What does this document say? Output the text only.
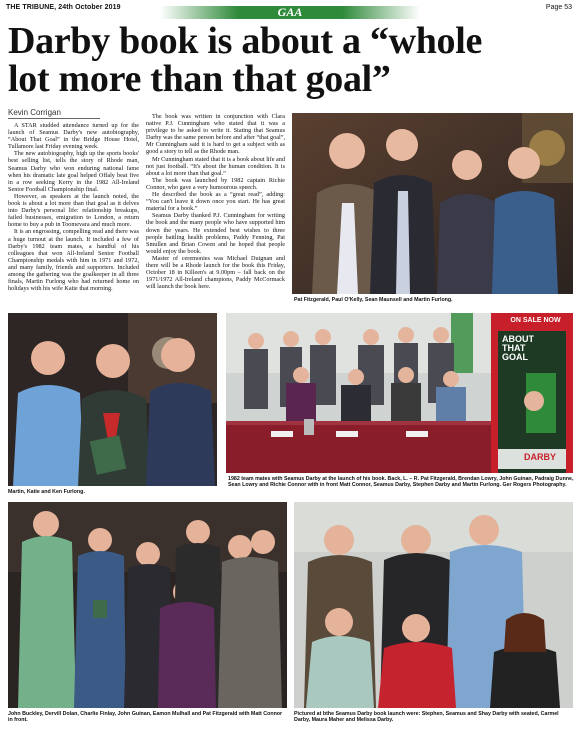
THE TRIBUNE, 24th October 2019	GAA	Page 53
Darby book is about a “whole
lot more than that goal”
Kevin Corrigan

A STAR studded attendance turned up for the launch of Seamus Darby's new autobiography, “About That Goal” in the Bridge House Hotel, Tullamore last Friday evening week.

The new autobiography, high up the sports books' best selling list, tells the story of Rhode man, Seamus Darby who won enduring national fame when his dramatic late goal helped Offaly beat five in a row seeking Kerry in the 1982 All-Ireland Senior Football Championship final.

However, as speakers at the launch noted, the book is about a lot more than that goal as it delves into Darby's personal life: relationship breakups, failed businesses, emigration to London, a return home to buy a pub in Toomevara and much more.

It is an engrossing, compelling read and there was a huge turnout at the launch. It included a few of Darby's 1982 team mates, a handful of his colleagues that won All-Ireland Senior Football Championship medals with him in 1971 and 1972, and many family, friends and supporters. Included among the gathering was the goalkeeper in all three finals, Martin Furlong who had returned home on holidays with his wife Katie that morning.

The book was written in conjunction with Clara native P.J. Cunningham who stated that it was a privilege to be asked to write it. Stating that Seamus Darby was the same person before and after “that goal”, Mr Cunningham said it is hard to get a subject with as good a story to tell as the Rhode man.

Mr Cunningham stated that it is a book about life and not just football. “It's about the human condition. It is about a lot more than that goal.”

The book was launched by 1982 captain Richie Connor, who gave a very humourous speech.

He described the book as a “great read”, adding: “You can't leave it down once you start. He has great material for a book.”

Seamus Darby thanked P.J. Cunningham for writing the book and the many people who have supported him down the years. He extended best wishes to three people battling health problems, Paddy Fenning, Pat Smullen and Brian Cowen and he hoped that people would enjoy the book.

Master of ceremonies was Michael Duignan and there will be a Rhode launch for the book this Friday, October 18 in Killeen's at 9.00pm – fall back on the 1971/1972 All-Ireland champions, Paddy McCormack will launch the book here.

Pat Fitzgerald, Paul O'Kelly, Sean Maunsell and Martin Furlong.
Martin, Katie and Ken Furlong.
ON SALE NOW
ABOUT
THAT
GOAL
DARBY
1982 team mates with Seamus Darby at the launch of his book. Back, L. – R. Pat Fitzgerald, Brendan Lowry, John Guinan, Padraig Dunne, Sean Lowry and Richie Connor with in front Matt Connor, Seamus Darby, Stephen Darby and Martin Furlong. Ger Rogers Photography.
John Buckley, Dervill Dolan, Charlie Finlay, John Guinan, Eamon Mulhall and Pat Fitzgerald with Matt Connor in front.
Pictured at bthe Seamus Darby book launch were: Stephen, Seamus and Shay Darby with seated, Carmel Darby, Maura Maher and Melissa Darby.
